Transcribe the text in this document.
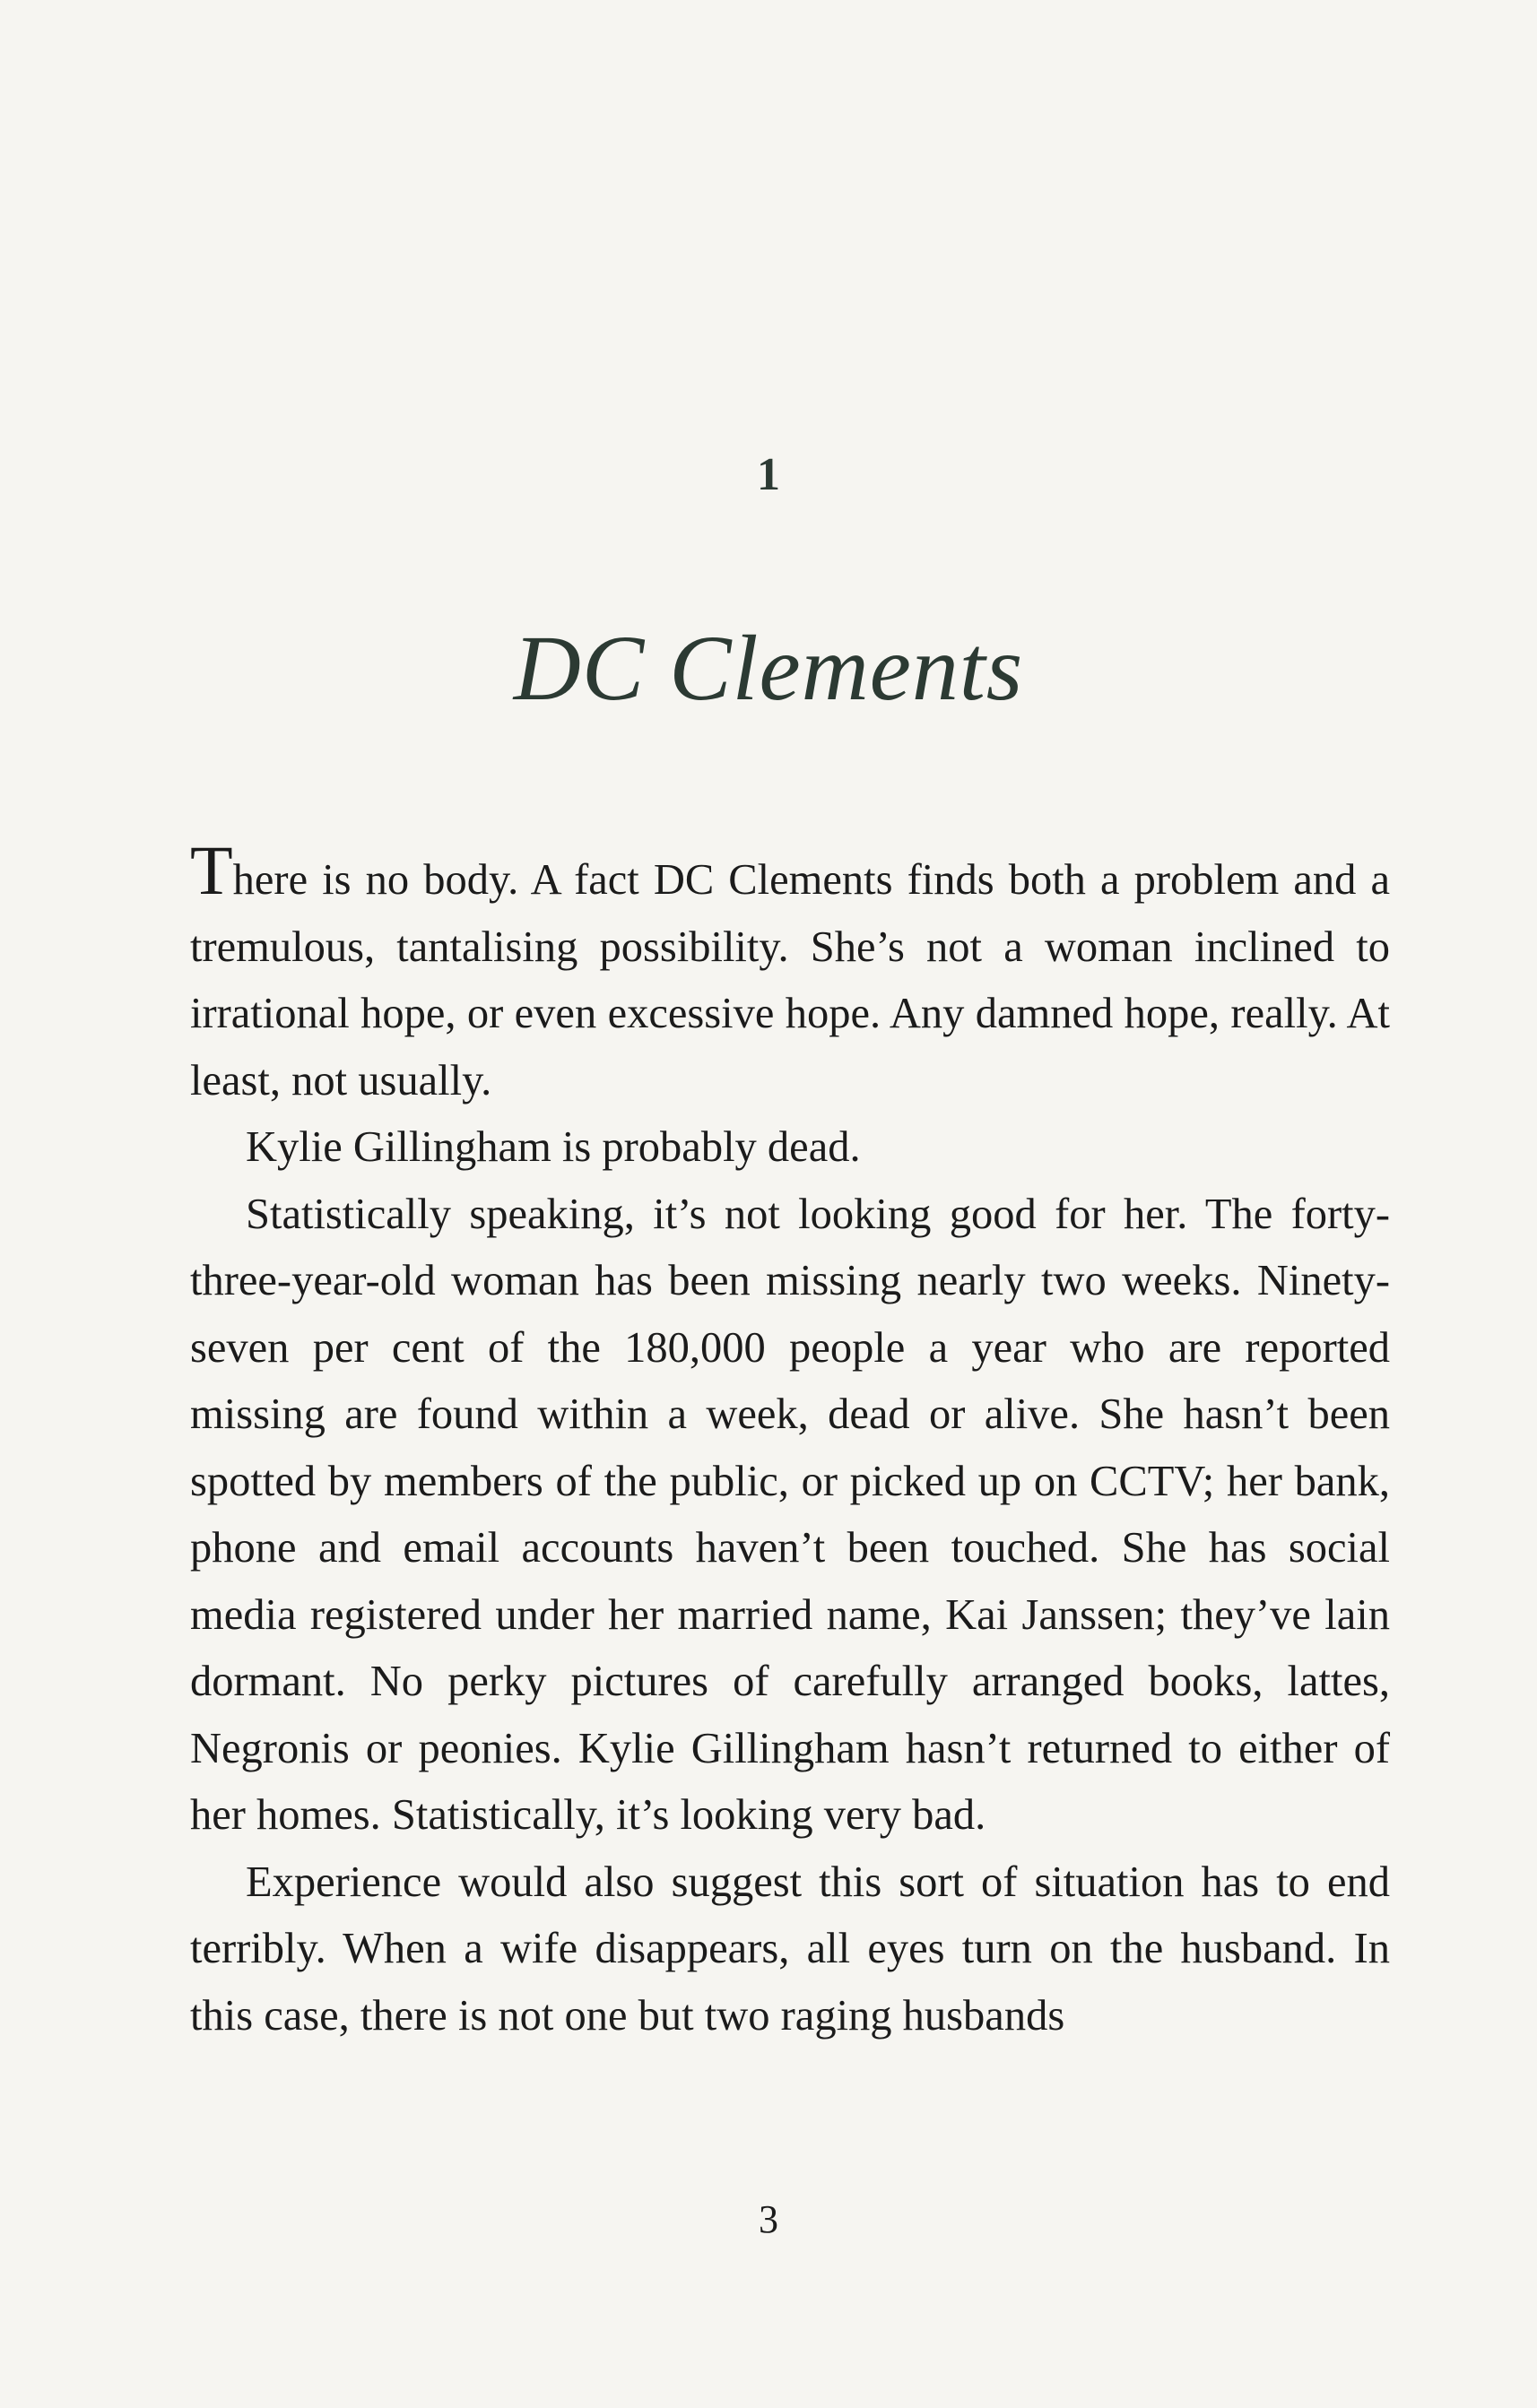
1
DC Clements

There is no body. A fact DC Clements finds both a problem and a tremulous, tantalising possibility. She’s not a woman inclined to irrational hope, or even excessive hope. Any damned hope, really. At least, not usually.

Kylie Gillingham is probably dead.

Statistically speaking, it’s not looking good for her. The forty-three-year-old woman has been missing nearly two weeks. Ninety-seven per cent of the 180,000 people a year who are reported missing are found within a week, dead or alive. She hasn’t been spotted by members of the public, or picked up on CCTV; her bank, phone and email accounts haven’t been touched. She has social media registered under her married name, Kai Janssen; they’ve lain dormant. No perky pictures of carefully arranged books, lattes, Negronis or peonies. Kylie Gillingham hasn’t returned to either of her homes. Statistically, it’s looking very bad.

Experience would also suggest this sort of situation has to end terribly. When a wife disappears, all eyes turn on the husband. In this case, there is not one but two raging husbands

3
